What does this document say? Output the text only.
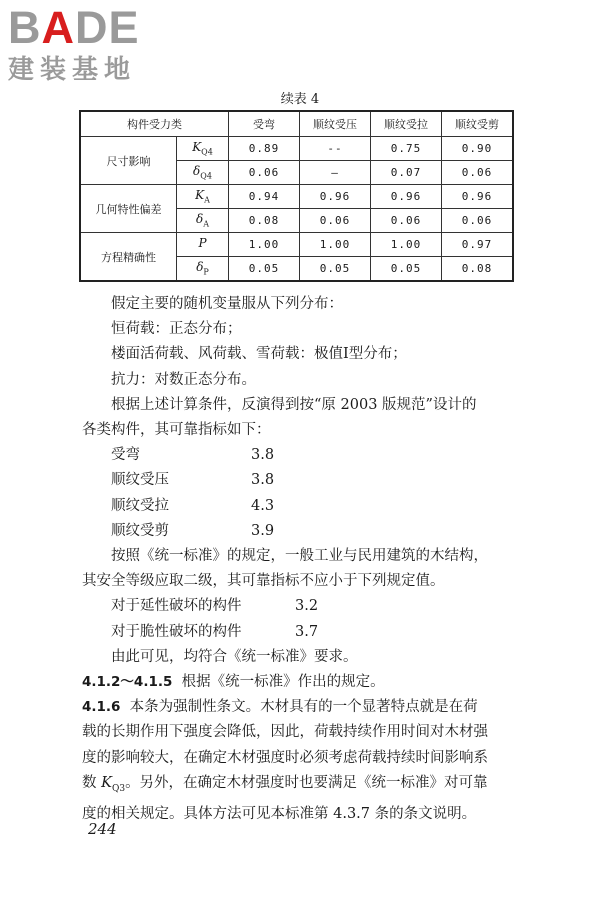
BADE
建装基地
续表 4
构件受力类		受弯	顺纹受压	顺纹受拉	顺纹受剪
尺寸影响	$K_{Q4}$	0.89	--	0.75	0.90
	$\delta_{Q4}$	0.06	—	0.07	0.06
几何特性偏差	$K_A$	0.94	0.96	0.96	0.96
	$\delta_A$	0.08	0.06	0.06	0.06
方程精确性	P	1.00	1.00	1.00	0.97
	$\delta_P$	0.05	0.05	0.05	0.08

假定主要的随机变量服从下列分布：

恒荷载：正态分布；

楼面活荷载、风荷载、雪荷载：极值Ⅰ型分布；

抗力：对数正态分布。

根据上述计算条件，反演得到按“原 2003 版规范”设计的

各类构件，其可靠指标如下：

受弯	3.8
顺纹受压	3.8
顺纹受拉	4.3
顺纹受剪	3.9

按照《统一标准》的规定，一般工业与民用建筑的木结构，

其安全等级应取二级，其可靠指标不应小于下列规定值。

对于延性破坏的构件	3.2
对于脆性破坏的构件	3.7

由此可见，均符合《统一标准》要求。

4.1.2～4.1.5 根据《统一标准》作出的规定。

4.1.6 本条为强制性条文。木材具有的一个显著特点就是在荷

载的长期作用下强度会降低，因此，荷载持续作用时间对木材强

度的影响较大，在确定木材强度时必须考虑荷载持续时间影响系

数 $K_{Q3}$。另外，在确定木材强度时也要满足《统一标准》对可靠

度的相关规定。具体方法可见本标准第 4.3.7 条的条文说明。

244
